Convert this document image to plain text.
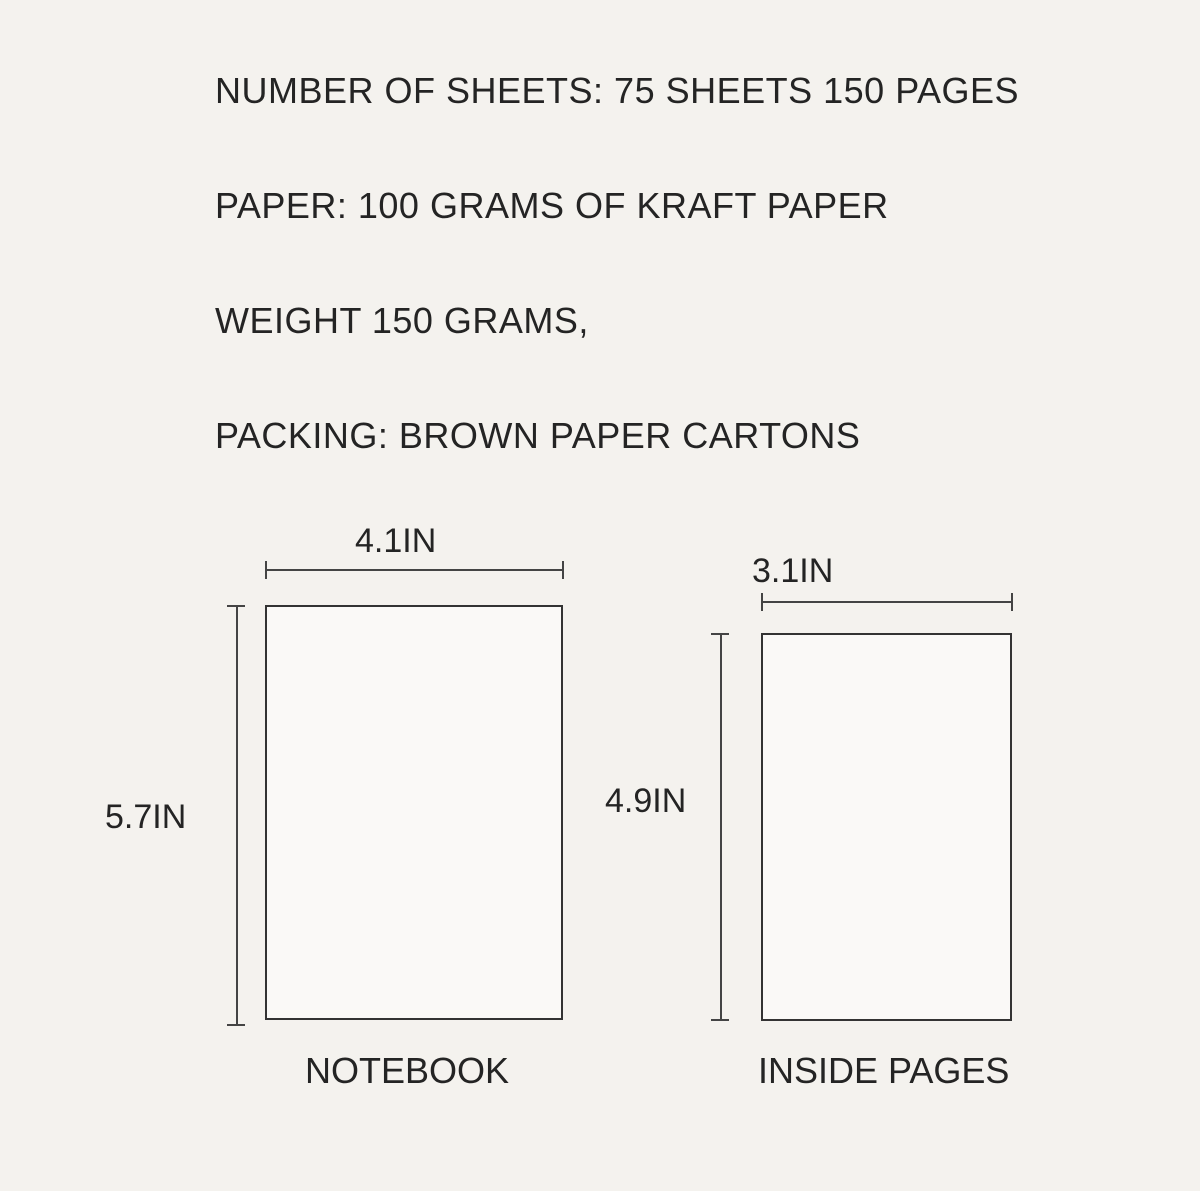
NUMBER OF SHEETS: 75 SHEETS 150 PAGES
PAPER: 100 GRAMS OF KRAFT PAPER
WEIGHT 150 GRAMS,
PACKING: BROWN PAPER CARTONS
4.1IN
5.7IN
NOTEBOOK
3.1IN
4.9IN
INSIDE PAGES
